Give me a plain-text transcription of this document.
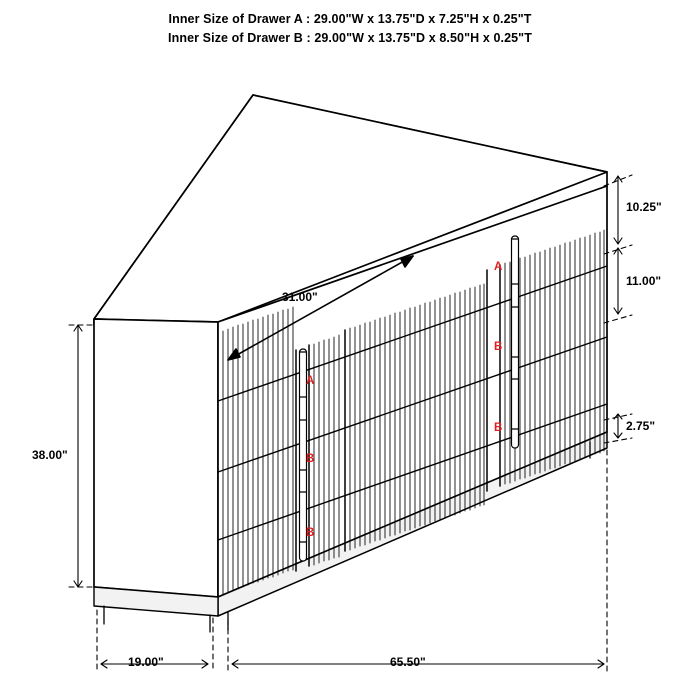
Inner Size of Drawer A : 29.00"W x 13.75"D x 7.25"H x 0.25"T
Inner Size of Drawer B : 29.00"W x 13.75"D x 8.50"H x 0.25"T
38.00"
31.00"
65.50"
19.00"
10.25"
11.00"
2.75"
A
B
B
A
B
B
